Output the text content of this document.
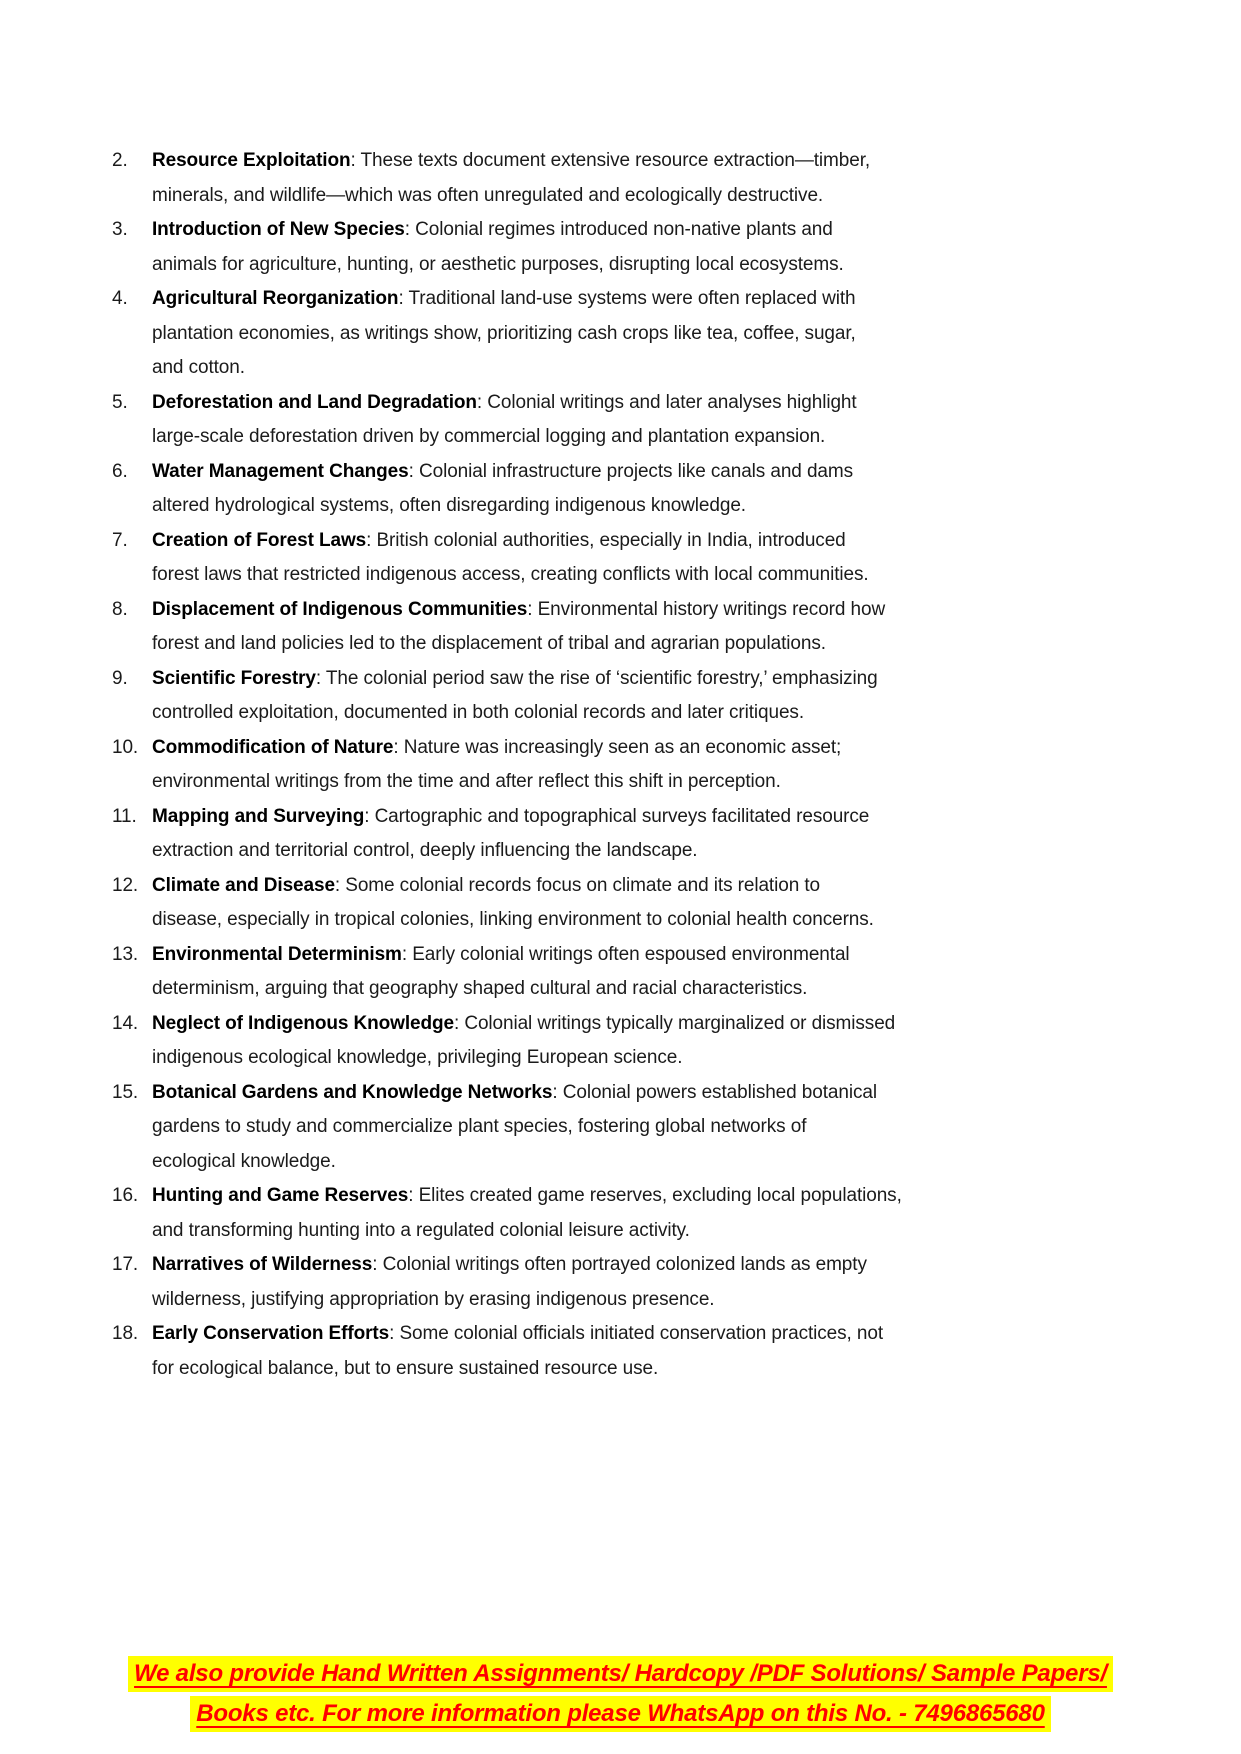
2. Resource Exploitation: These texts document extensive resource extraction—timber,
minerals, and wildlife—which was often unregulated and ecologically destructive.
3. Introduction of New Species: Colonial regimes introduced non-native plants and
animals for agriculture, hunting, or aesthetic purposes, disrupting local ecosystems.
4. Agricultural Reorganization: Traditional land-use systems were often replaced with
plantation economies, as writings show, prioritizing cash crops like tea, coffee, sugar,
and cotton.
5. Deforestation and Land Degradation: Colonial writings and later analyses highlight
large-scale deforestation driven by commercial logging and plantation expansion.
6. Water Management Changes: Colonial infrastructure projects like canals and dams
altered hydrological systems, often disregarding indigenous knowledge.
7. Creation of Forest Laws: British colonial authorities, especially in India, introduced
forest laws that restricted indigenous access, creating conflicts with local communities.
8. Displacement of Indigenous Communities: Environmental history writings record how
forest and land policies led to the displacement of tribal and agrarian populations.
9. Scientific Forestry: The colonial period saw the rise of ‘scientific forestry,’ emphasizing
controlled exploitation, documented in both colonial records and later critiques.
10. Commodification of Nature: Nature was increasingly seen as an economic asset;
environmental writings from the time and after reflect this shift in perception.
11. Mapping and Surveying: Cartographic and topographical surveys facilitated resource
extraction and territorial control, deeply influencing the landscape.
12. Climate and Disease: Some colonial records focus on climate and its relation to
disease, especially in tropical colonies, linking environment to colonial health concerns.
13. Environmental Determinism: Early colonial writings often espoused environmental
determinism, arguing that geography shaped cultural and racial characteristics.
14. Neglect of Indigenous Knowledge: Colonial writings typically marginalized or dismissed
indigenous ecological knowledge, privileging European science.
15. Botanical Gardens and Knowledge Networks: Colonial powers established botanical
gardens to study and commercialize plant species, fostering global networks of
ecological knowledge.
16. Hunting and Game Reserves: Elites created game reserves, excluding local populations,
and transforming hunting into a regulated colonial leisure activity.
17. Narratives of Wilderness: Colonial writings often portrayed colonized lands as empty
wilderness, justifying appropriation by erasing indigenous presence.
18. Early Conservation Efforts: Some colonial officials initiated conservation practices, not
for ecological balance, but to ensure sustained resource use.
We also provide Hand Written Assignments/ Hardcopy /PDF Solutions/ Sample Papers/
Books etc. For more information please WhatsApp on this No. - 7496865680
